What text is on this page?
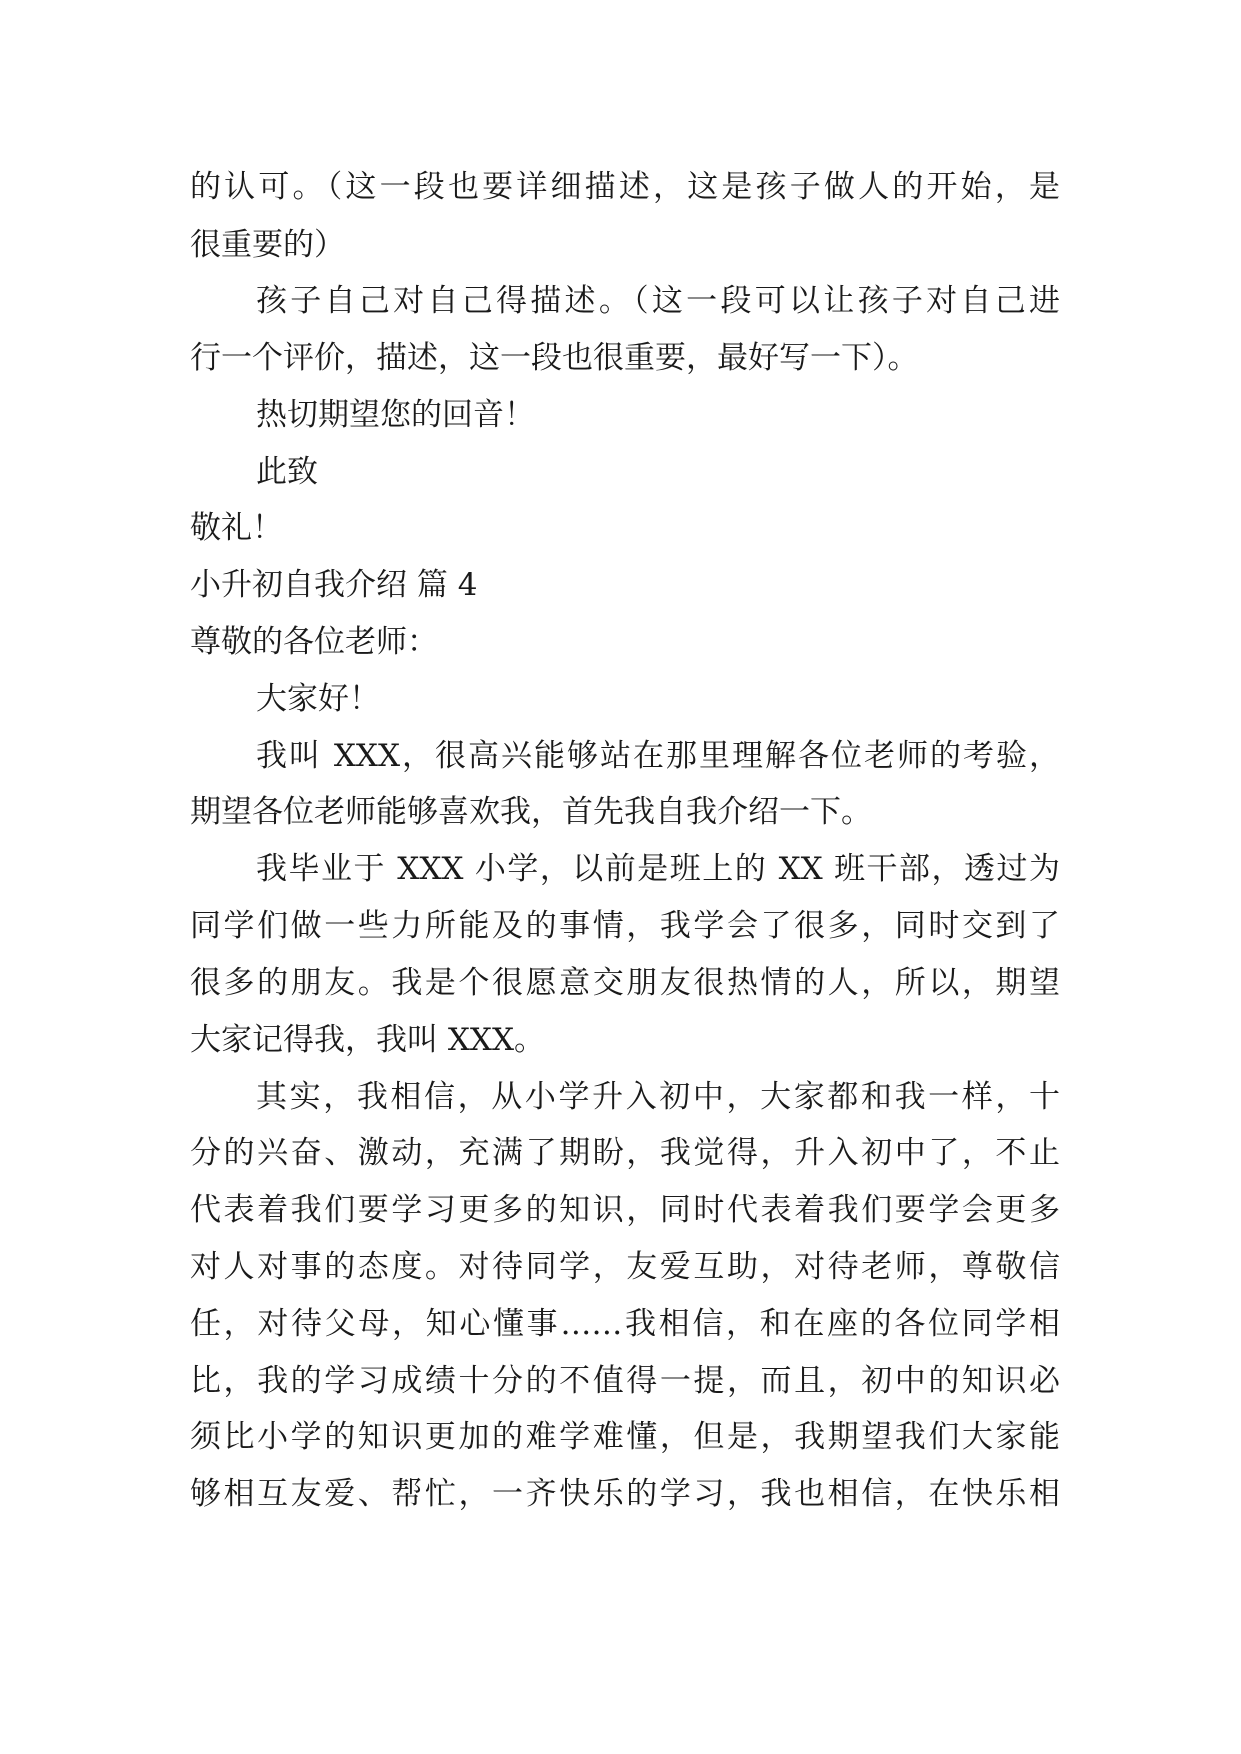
的认可。（这一段也要详细描述，这是孩子做人的开始，是
很重要的）
孩子自己对自己得描述。（这一段可以让孩子对自己进
行一个评价，描述，这一段也很重要，最好写一下）。
热切期望您的回音！
此致
敬礼！
小升初自我介绍 篇 4
尊敬的各位老师：
大家好！
我叫 XXX，很高兴能够站在那里理解各位老师的考验，
期望各位老师能够喜欢我，首先我自我介绍一下。
我毕业于 XXX 小学，以前是班上的 XX 班干部，透过为
同学们做一些力所能及的事情，我学会了很多，同时交到了
很多的朋友。我是个很愿意交朋友很热情的人，所以，期望
大家记得我，我叫 XXX。
其实，我相信，从小学升入初中，大家都和我一样，十
分的兴奋、激动，充满了期盼，我觉得，升入初中了，不止
代表着我们要学习更多的知识，同时代表着我们要学会更多
对人对事的态度。对待同学，友爱互助，对待老师，尊敬信
任，对待父母，知心懂事……我相信，和在座的各位同学相
比，我的学习成绩十分的不值得一提，而且，初中的知识必
须比小学的知识更加的难学难懂，但是，我期望我们大家能
够相互友爱、帮忙，一齐快乐的学习，我也相信，在快乐相
